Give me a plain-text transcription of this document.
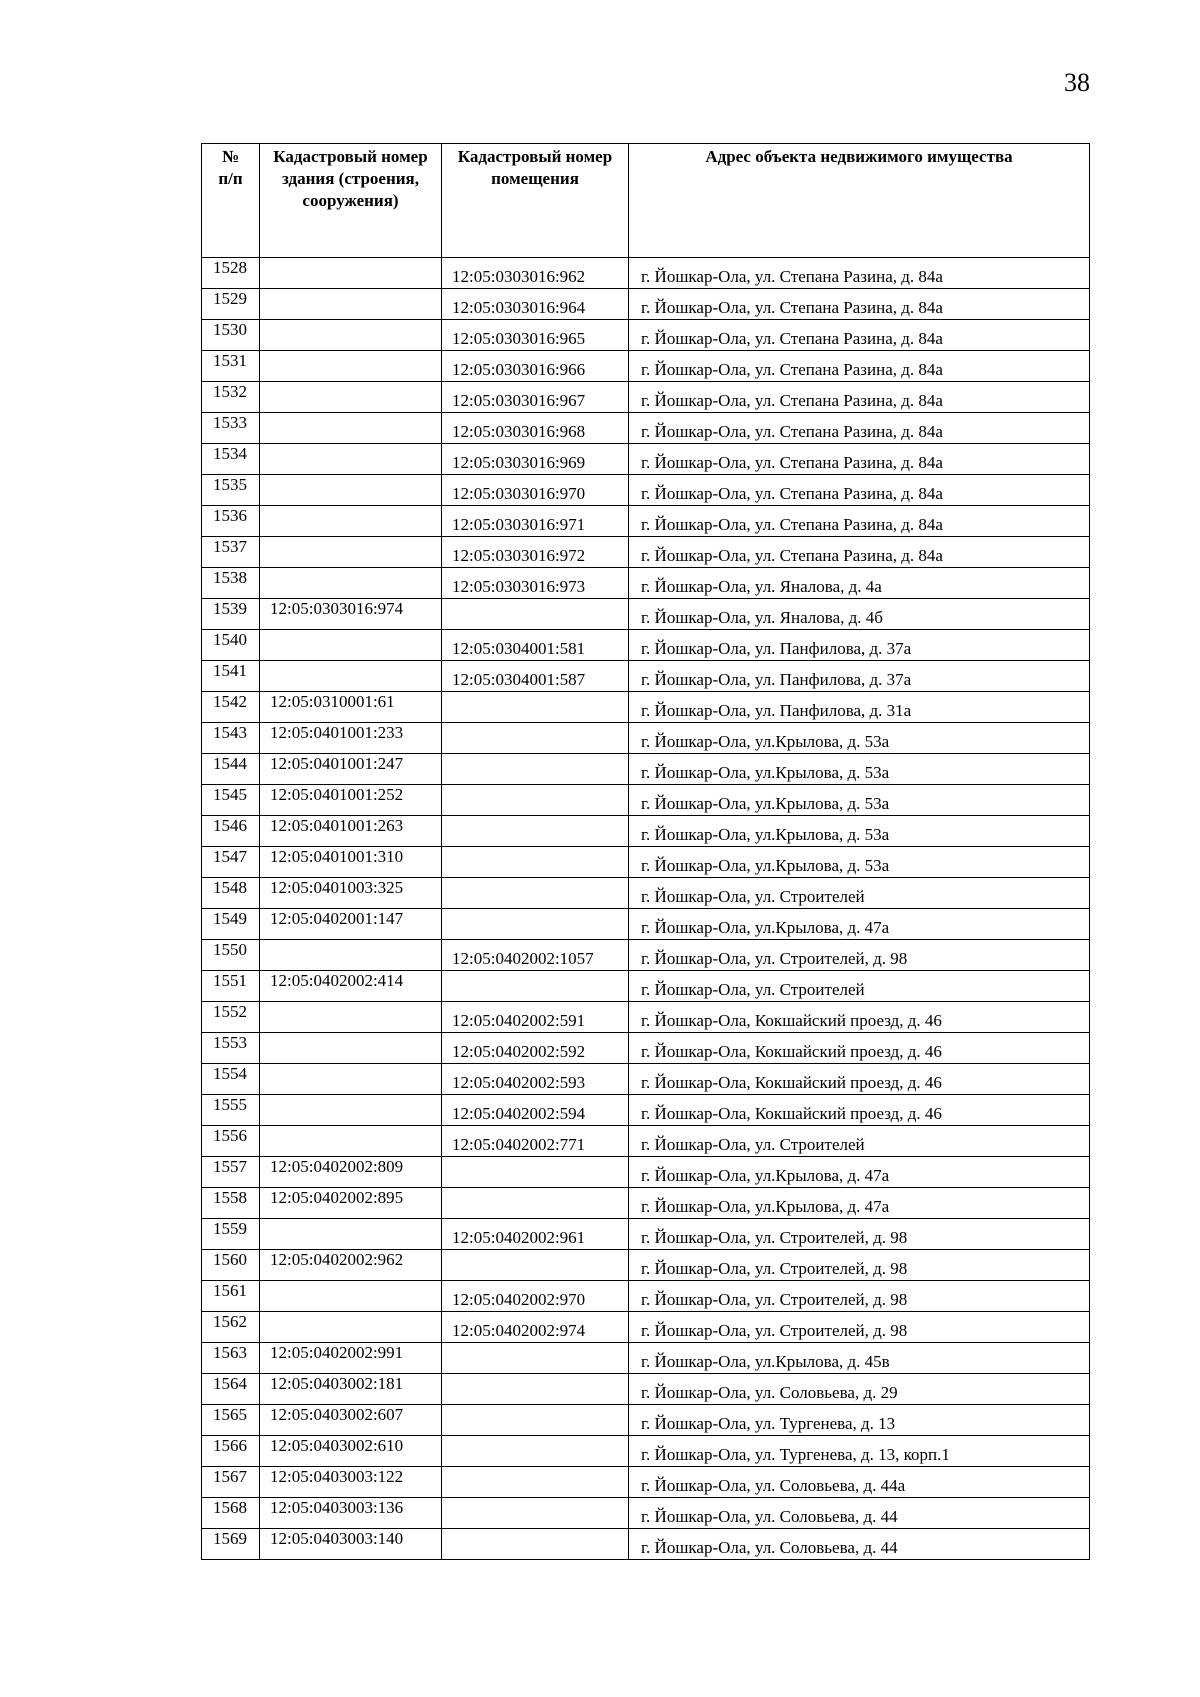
38
№
п/п	Кадастровый номер здания (строения, сооружения)	Кадастровый номер помещения	Адрес объекта недвижимого имущества

1528		12:05:0303016:962	г. Йошкар-Ола, ул. Степана Разина, д. 84а

1529		12:05:0303016:964	г. Йошкар-Ола, ул. Степана Разина, д. 84а

1530		12:05:0303016:965	г. Йошкар-Ола, ул. Степана Разина, д. 84а

1531		12:05:0303016:966	г. Йошкар-Ола, ул. Степана Разина, д. 84а

1532		12:05:0303016:967	г. Йошкар-Ола, ул. Степана Разина, д. 84а

1533		12:05:0303016:968	г. Йошкар-Ола, ул. Степана Разина, д. 84а

1534		12:05:0303016:969	г. Йошкар-Ола, ул. Степана Разина, д. 84а

1535		12:05:0303016:970	г. Йошкар-Ола, ул. Степана Разина, д. 84а

1536		12:05:0303016:971	г. Йошкар-Ола, ул. Степана Разина, д. 84а

1537		12:05:0303016:972	г. Йошкар-Ола, ул. Степана Разина, д. 84а

1538		12:05:0303016:973	г. Йошкар-Ола, ул. Яналова, д. 4а

1539	12:05:0303016:974		г. Йошкар-Ола, ул. Яналова, д. 4б

1540		12:05:0304001:581	г. Йошкар-Ола, ул. Панфилова, д. 37а

1541		12:05:0304001:587	г. Йошкар-Ола, ул. Панфилова, д. 37а

1542	12:05:0310001:61		г. Йошкар-Ола, ул. Панфилова, д. 31а

1543	12:05:0401001:233		г. Йошкар-Ола, ул.Крылова, д. 53а

1544	12:05:0401001:247		г. Йошкар-Ола, ул.Крылова, д. 53а

1545	12:05:0401001:252		г. Йошкар-Ола, ул.Крылова, д. 53а

1546	12:05:0401001:263		г. Йошкар-Ола, ул.Крылова, д. 53а

1547	12:05:0401001:310		г. Йошкар-Ола, ул.Крылова, д. 53а

1548	12:05:0401003:325		г. Йошкар-Ола, ул. Строителей

1549	12:05:0402001:147		г. Йошкар-Ола, ул.Крылова, д. 47а

1550		12:05:0402002:1057	г. Йошкар-Ола, ул. Строителей, д. 98

1551	12:05:0402002:414		г. Йошкар-Ола, ул. Строителей

1552		12:05:0402002:591	г. Йошкар-Ола, Кокшайский проезд, д. 46

1553		12:05:0402002:592	г. Йошкар-Ола, Кокшайский проезд, д. 46

1554		12:05:0402002:593	г. Йошкар-Ола, Кокшайский проезд, д. 46

1555		12:05:0402002:594	г. Йошкар-Ола, Кокшайский проезд, д. 46

1556		12:05:0402002:771	г. Йошкар-Ола, ул. Строителей

1557	12:05:0402002:809		г. Йошкар-Ола, ул.Крылова, д. 47а

1558	12:05:0402002:895		г. Йошкар-Ола, ул.Крылова, д. 47а

1559		12:05:0402002:961	г. Йошкар-Ола, ул. Строителей, д. 98

1560	12:05:0402002:962		г. Йошкар-Ола, ул. Строителей, д. 98

1561		12:05:0402002:970	г. Йошкар-Ола, ул. Строителей, д. 98

1562		12:05:0402002:974	г. Йошкар-Ола, ул. Строителей, д. 98

1563	12:05:0402002:991		г. Йошкар-Ола, ул.Крылова, д. 45в

1564	12:05:0403002:181		г. Йошкар-Ола, ул. Соловьева, д. 29

1565	12:05:0403002:607		г. Йошкар-Ола, ул. Тургенева, д. 13

1566	12:05:0403002:610		г. Йошкар-Ола, ул. Тургенева, д. 13, корп.1

1567	12:05:0403003:122		г. Йошкар-Ола, ул. Соловьева, д. 44а

1568	12:05:0403003:136		г. Йошкар-Ола, ул. Соловьева, д. 44

1569	12:05:0403003:140		г. Йошкар-Ола, ул. Соловьева, д. 44
